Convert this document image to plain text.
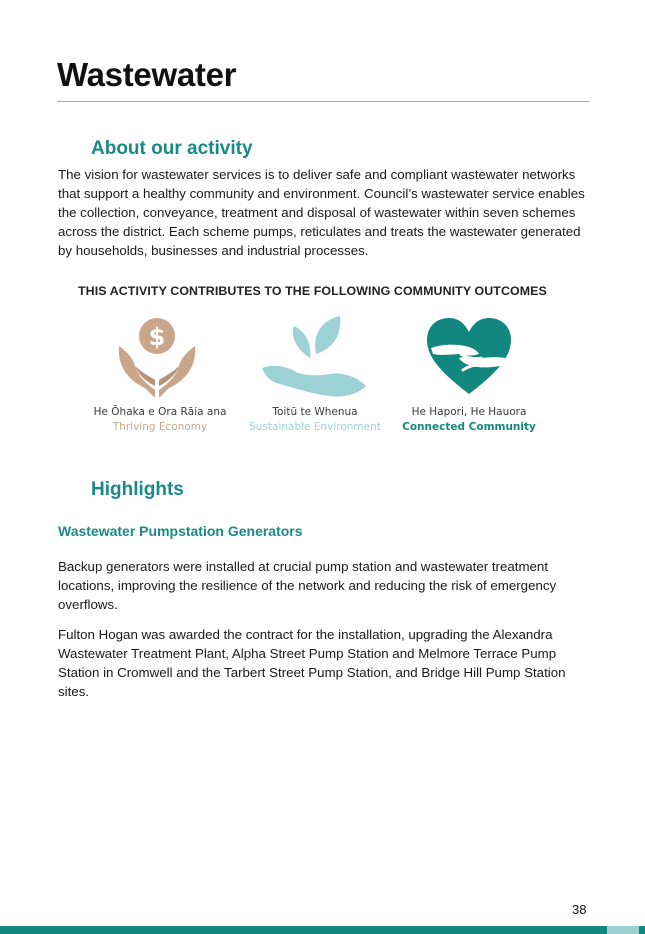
Wastewater
About our activity

The vision for wastewater services is to deliver safe and compliant wastewater networks that support a healthy community and environment. Council’s wastewater service enables the collection, conveyance, treatment and disposal of wastewater within seven schemes across the district. Each scheme pumps, reticulates and treats the wastewater generated by households, businesses and industrial processes.

THIS ACTIVITY CONTRIBUTES TO THE FOLLOWING COMMUNITY OUTCOMES

$
He Ōhaka e Ora Rāia ana
Thriving Economy
Toitū te Whenua
Sustainable Environment
He Hapori, He Hauora
Connected Community
Highlights
Wastewater Pumpstation Generators

Backup generators were installed at crucial pump station and wastewater treatment locations, improving the resilience of the network and reducing the risk of emergency overflows.

Fulton Hogan was awarded the contract for the installation, upgrading the Alexandra Wastewater Treatment Plant, Alpha Street Pump Station and Melmore Terrace Pump Station in Cromwell and the Tarbert Street Pump Station, and Bridge Hill Pump Station sites.

38
